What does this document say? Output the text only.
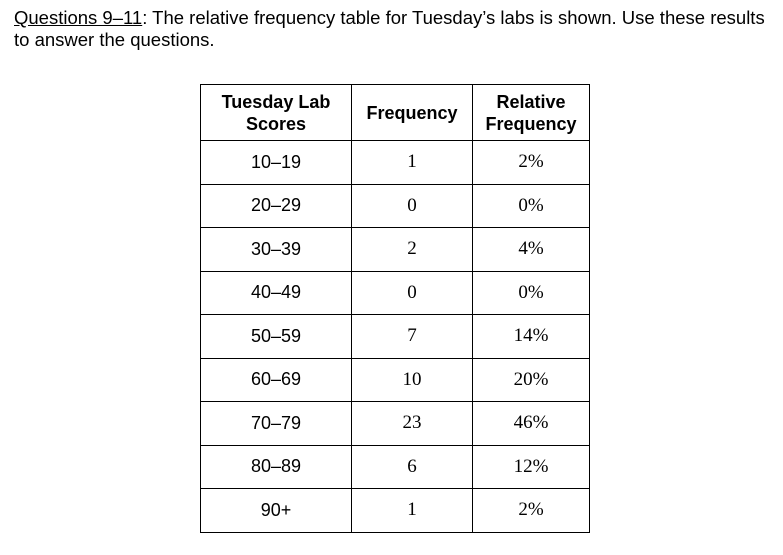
Questions 9–11: The relative frequency table for Tuesday’s labs is shown. Use these results to answer the questions.

Tuesday Lab
Scores	Frequency	Relative
Frequency
10–19	1	2%
20–29	0	0%
30–39	2	4%
40–49	0	0%
50–59	7	14%
60–69	10	20%
70–79	23	46%
80–89	6	12%
90+	1	2%
